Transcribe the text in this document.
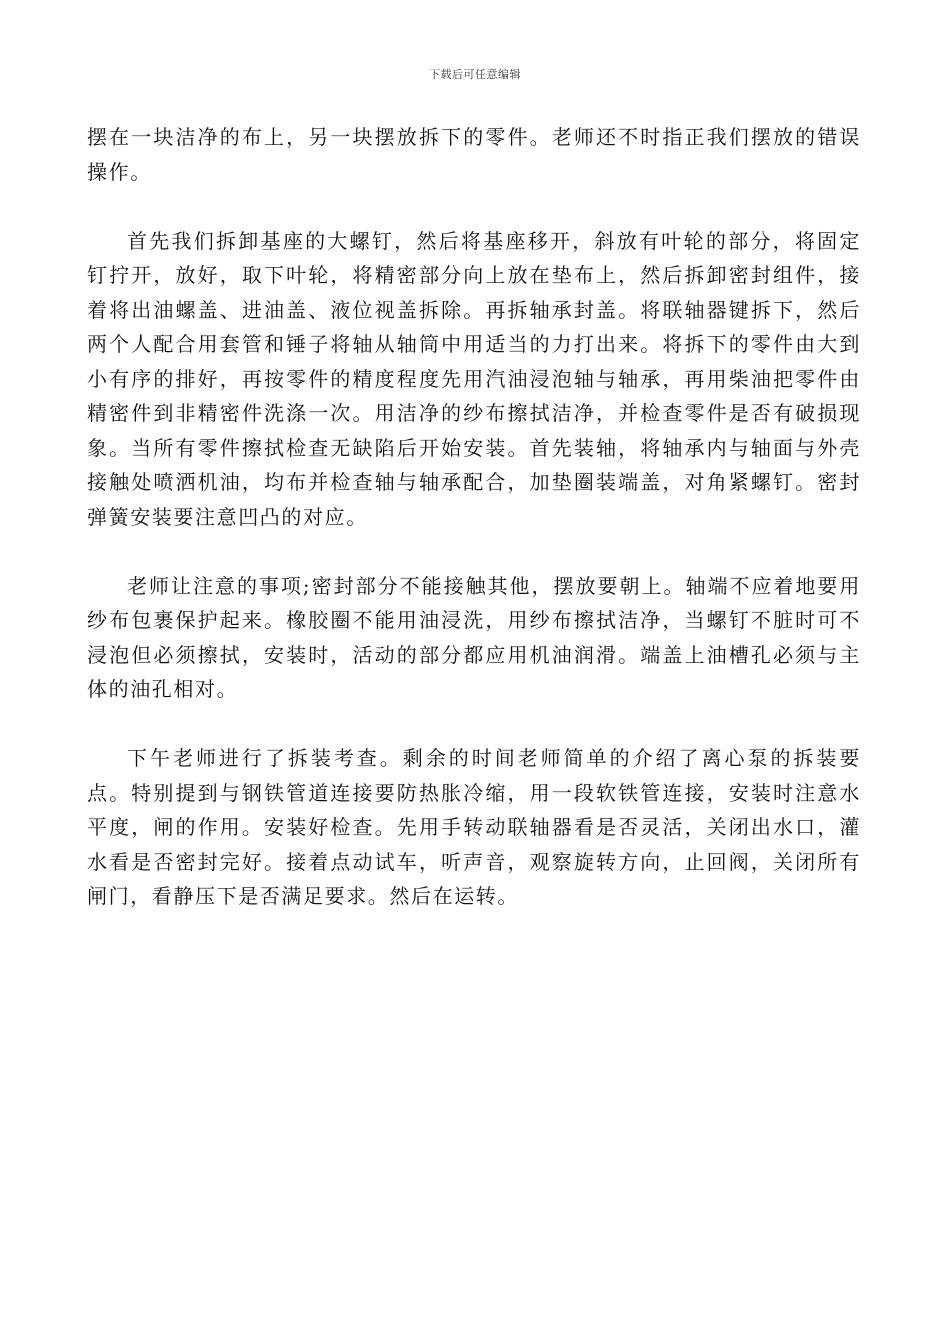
下载后可任意编辑

摆在一块洁净的布上，另一块摆放拆下的零件。老师还不时指正我们摆放的错误操作。

首先我们拆卸基座的大螺钉，然后将基座移开，斜放有叶轮的部分，将固定钉拧开，放好，取下叶轮，将精密部分向上放在垫布上，然后拆卸密封组件，接着将出油螺盖、进油盖、液位视盖拆除。再拆轴承封盖。将联轴器键拆下，然后两个人配合用套管和锤子将轴从轴筒中用适当的力打出来。将拆下的零件由大到小有序的排好，再按零件的精度程度先用汽油浸泡轴与轴承，再用柴油把零件由精密件到非精密件洗涤一次。用洁净的纱布擦拭洁净，并检查零件是否有破损现象。当所有零件擦拭检查无缺陷后开始安装。首先装轴，将轴承内与轴面与外壳接触处喷洒机油，均布并检查轴与轴承配合，加垫圈装端盖，对角紧螺钉。密封弹簧安装要注意凹凸的对应。

老师让注意的事项;密封部分不能接触其他，摆放要朝上。轴端不应着地要用纱布包裹保护起来。橡胶圈不能用油浸洗，用纱布擦拭洁净，当螺钉不脏时可不浸泡但必须擦拭，安装时，活动的部分都应用机油润滑。端盖上油槽孔必须与主体的油孔相对。

下午老师进行了拆装考查。剩余的时间老师简单的介绍了离心泵的拆装要点。特别提到与钢铁管道连接要防热胀冷缩，用一段软铁管连接，安装时注意水平度，闸的作用。安装好检查。先用手转动联轴器看是否灵活，关闭出水口，灌水看是否密封完好。接着点动试车，听声音，观察旋转方向，止回阀，关闭所有闸门，看静压下是否满足要求。然后在运转。
